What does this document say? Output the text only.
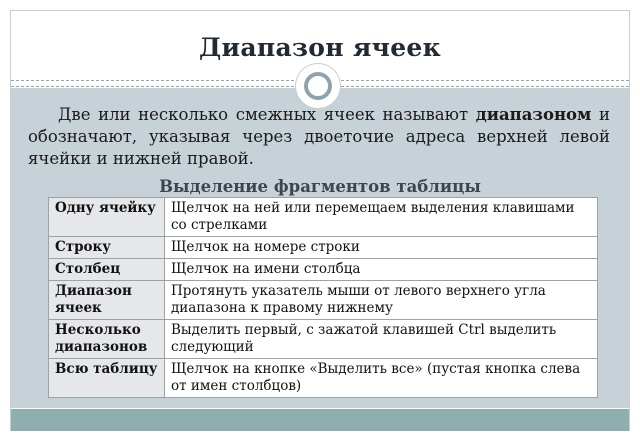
Диапазон ячеек
Две или несколько смежных ячеек называют диапазоном и обозначают, указывая через двоеточие адреса верхней левой ячейки и нижней правой.
Выделение фрагментов таблицы
Одну ячейку	Щелчок на ней или перемещаем выделения клавишами со стрелками
Строку	Щелчок на номере строки
Столбец	Щелчок на имени столбца
Диапазон ячеек	Протянуть указатель мыши от левого верхнего угла диапазона к правому нижнему
Несколько диапазонов	Выделить первый, с зажатой клавишей Ctrl выделить следующий
Всю таблицу	Щелчок на кнопке «Выделить все» (пустая кнопка слева от имен столбцов)
